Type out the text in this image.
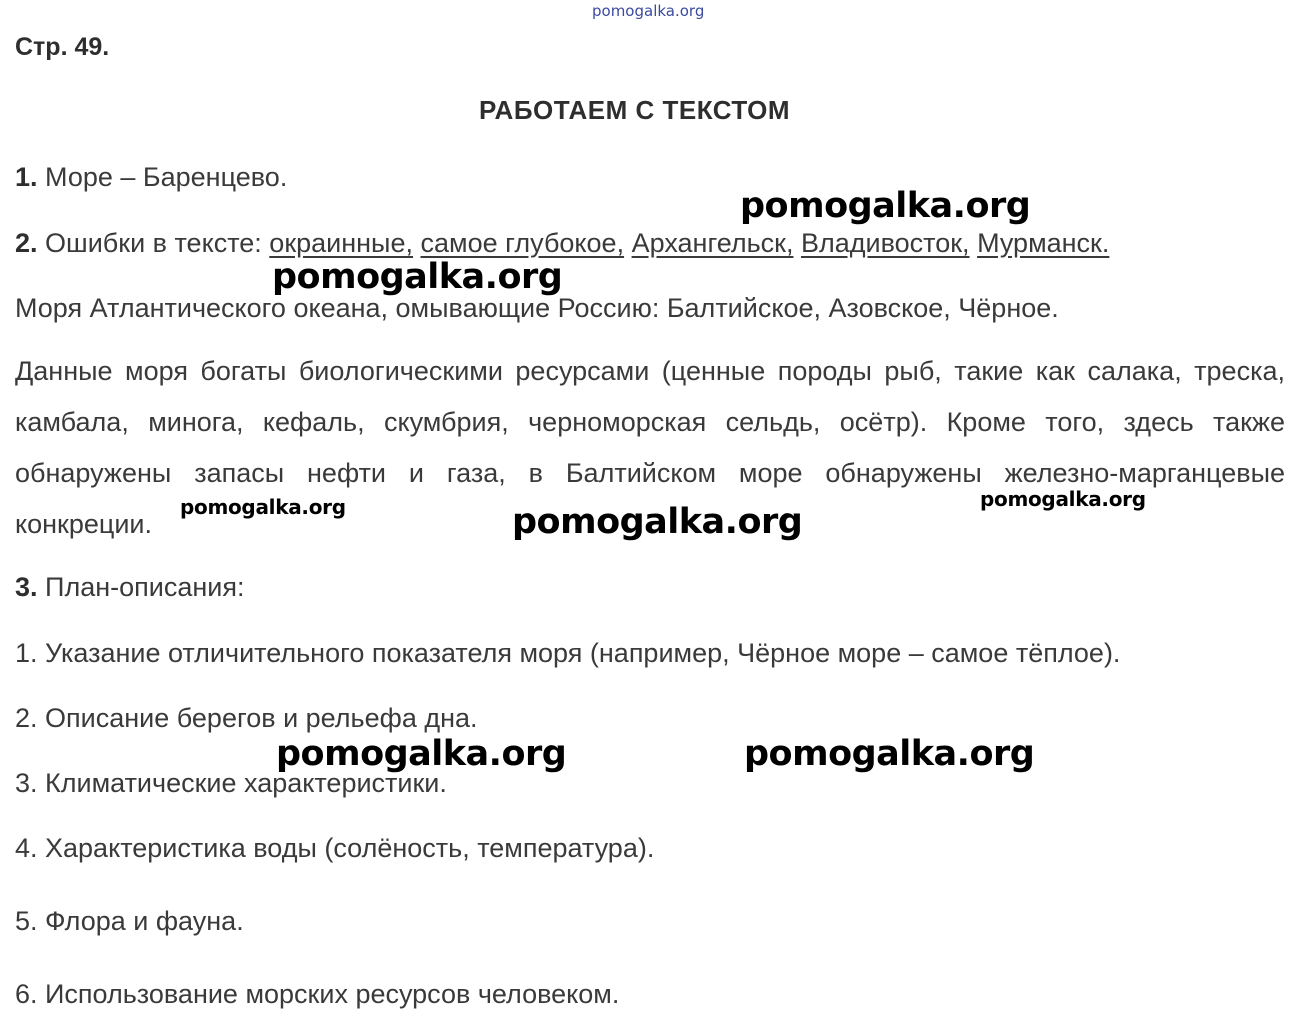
pomogalka.org
Стр. 49.
РАБОТАЕМ С ТЕКСТОМ
1. Море – Баренцево.
2. Ошибки в тексте: окраинные, самое глубокое, Архангельск, Владивосток, Мурманск.
Моря Атлантического океана, омывающие Россию: Балтийское, Азовское, Чёрное.
Данные моря богаты биологическими ресурсами (ценные породы рыб, такие как салака, треска, камбала, минога, кефаль, скумбрия, черноморская сельдь, осётр). Кроме того, здесь также обнаружены запасы нефти и газа, в Балтийском море обнаружены железно-марганцевые конкреции.
3. План-описания:
1. Указание отличительного показателя моря (например, Чёрное море – самое тёплое).
2. Описание берегов и рельефа дна.
3. Климатические характеристики.
4. Характеристика воды (солёность, температура).
5. Флора и фауна.
6. Использование морских ресурсов человеком.
pomogalka.org
pomogalka.org
pomogalka.org	pomogalka.org
pomogalka.org
pomogalka.org	pomogalka.org
